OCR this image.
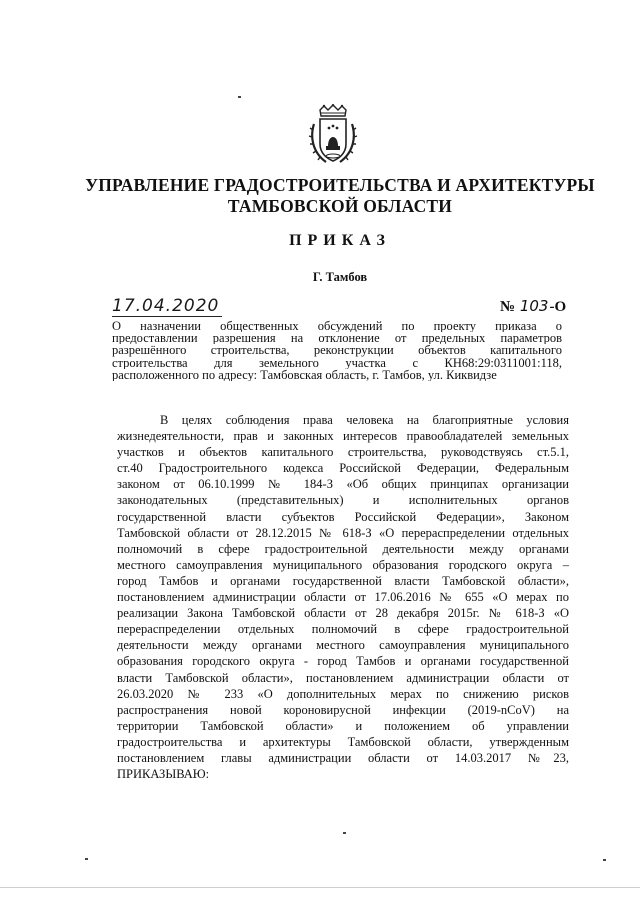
УПРАВЛЕНИЕ ГРАДОСТРОИТЕЛЬСТВА И АРХИТЕКТУРЫ
ТАМБОВСКОЙ ОБЛАСТИ
ПРИКАЗ
Г. Тамбов
17.04.2020	№ 103-О
О назначении общественных обсуждений по проекту приказа о
предоставлении разрешения на отклонение от предельных параметров
разрешённого строительства, реконструкции объектов капитального
строительства для земельного участка с КН68:29:0311001:118,
расположенного по адресу: Тамбовская область, г. Тамбов, ул. Киквидзе
В целях соблюдения права человека на благоприятные условия
жизнедеятельности, прав и законных интересов правообладателей земельных
участков и объектов капитального строительства, руководствуясь ст.5.1,
ст.40 Градостроительного кодекса Российской Федерации, Федеральным
законом от 06.10.1999 № 184-З «Об общих принципах организации
законодательных (представительных) и исполнительных органов
государственной власти субъектов Российской Федерации», Законом
Тамбовской области от 28.12.2015 № 618-З «О перераспределении отдельных
полномочий в сфере градостроительной деятельности между органами
местного самоуправления муниципального образования городского округа –
город Тамбов и органами государственной власти Тамбовской области»,
постановлением администрации области от 17.06.2016 № 655 «О мерах по
реализации Закона Тамбовской области от 28 декабря 2015г. № 618-З «О
перераспределении отдельных полномочий в сфере градостроительной
деятельности между органами местного самоуправления муниципального
образования городского округа - город Тамбов и органами государственной
власти Тамбовской области», постановлением администрации области от
26.03.2020 № 233 «О дополнительных мерах по снижению рисков
распространения новой короновирусной инфекции (2019-nCoV) на
территории Тамбовской области» и положением об управлении
градостроительства и архитектуры Тамбовской области, утвержденным
постановлением главы администрации области от 14.03.2017 №23,
ПРИКАЗЫВАЮ:
